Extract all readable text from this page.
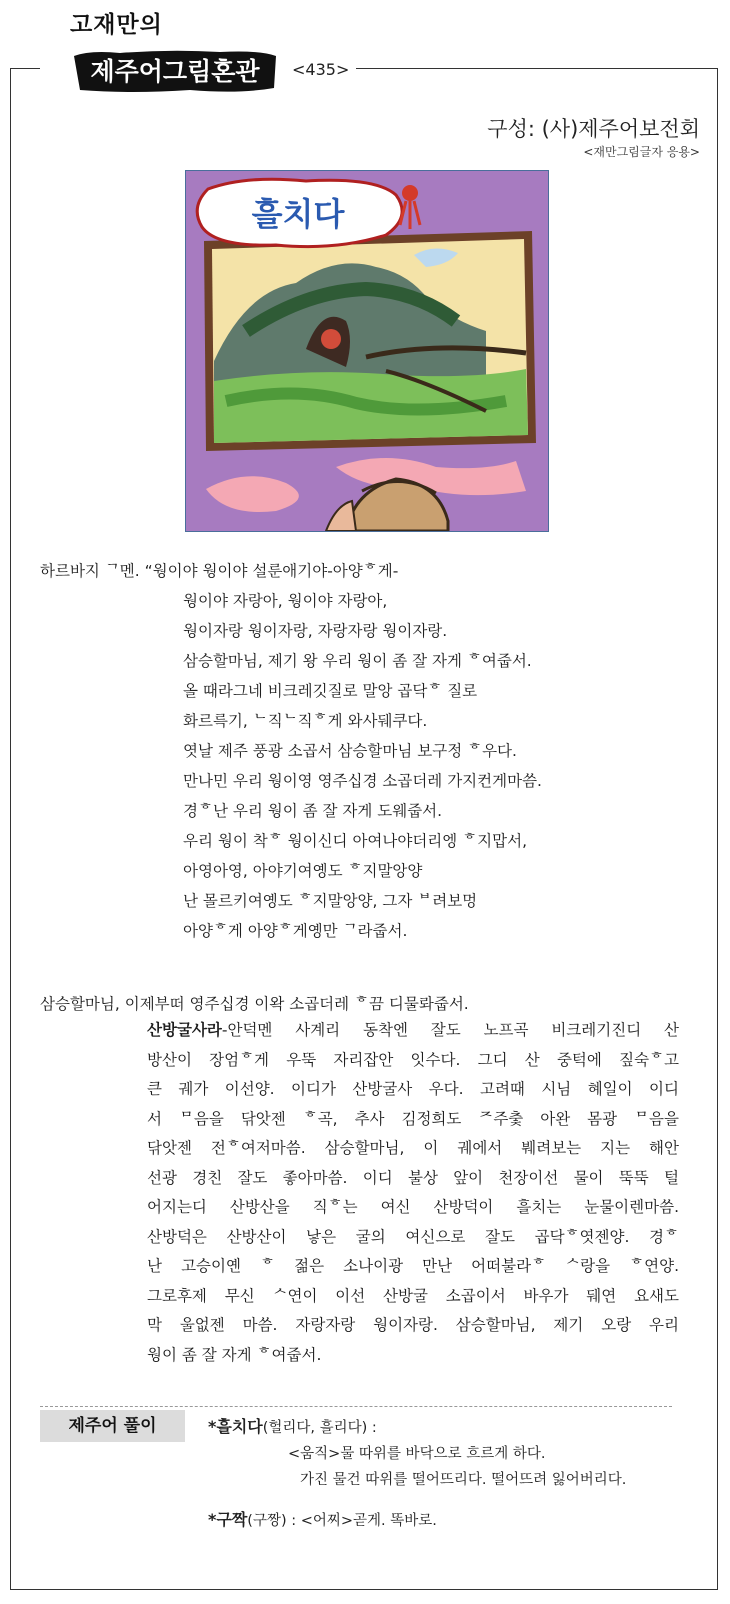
고재만의
제주어그림혼관 <435>
구성: (사)제주어보전회
<재만그림글자 응용>
흘치다
하르바지 ᄀ멘. “웡이야 웡이야 설룬애기야-아양ᄒ게-
웡이야 자랑아, 웡이야 자랑아,
웡이자랑 웡이자랑, 자랑자랑 웡이자랑.
삼승할마님, 제기 왕 우리 웡이 좀 잘 자게 ᄒ여줍서.
올 때라그네 비크레깃질로 말앙 곱닥ᄒ 질로
화르륵기, ᄂ직ᄂ직ᄒ게 와사뒈쿠다.
엿날 제주 풍광 소곱서 삼승할마님 보구정 ᄒ우다.
만나민 우리 웡이영 영주십경 소곱더레 가지컨게마씀.
경ᄒ난 우리 웡이 좀 잘 자게 도웨줍서.
우리 웡이 착ᄒ 웡이신디 아여나야더리엥 ᄒ지맙서,
아영아영, 아야기여옝도 ᄒ지말앙양
난 몰르키여옝도 ᄒ지말앙양, 그자 ᄇ려보멍
아양ᄒ게 아양ᄒ게옝만 ᄀ라줍서.
삼승할마님, 이제부떠 영주십경 이왁 소곱더레 ᄒ끔 디물롸줍서.
산방굴사라-안덕멘 사계리 동착엔 잘도 노프곡 비크레기진디 산
방산이 장엄ᄒ게 우뚝 자리잡안 잇수다. 그디 산 중턱에 짚숙ᄒ고
큰 궤가 이선양. 이디가 산방굴사 우다. 고려때 시님 혜일이 이디
서 ᄆ음을 닦앗젠 ᄒ곡, 추사 김정희도 ᄌ주춫 아완 몸광 ᄆ음을
닦앗젠 전ᄒ여저마씀. 삼승할마님, 이 궤에서 붸려보는 지는 해안
선광 경친 잘도 좋아마씀. 이디 불상 앞이 천장이선 물이 뚝뚝 털
어지는디 산방산을 직ᄒ는 여신 산방덕이 흘치는 눈물이렌마씀.
산방덕은 산방산이 낳은 굴의 여신으로 잘도 곱닥ᄒ엿젠양. 경ᄒ
난 고승이옌 ᄒ 젊은 소나이광 만난 어떠불라ᄒ ᄉ랑을 ᄒ연양.
그로후제 무신 ᄉ연이 이선 산방굴 소곱이서 바우가 뒈연 요새도
막 울없젠 마씀. 자랑자랑 웡이자랑. 삼승할마님, 제기 오랑 우리
웡이 좀 잘 자게 ᄒ여줍서.
제주어 풀이	*흘치다(헐리다, 흘리다) :
<움직>물 따위를 바닥으로 흐르게 하다.
가진 물건 따위를 떨어뜨리다. 떨어뜨려 잃어버리다.
*구짝(구짱) : <어찌>곧게. 똑바로.
